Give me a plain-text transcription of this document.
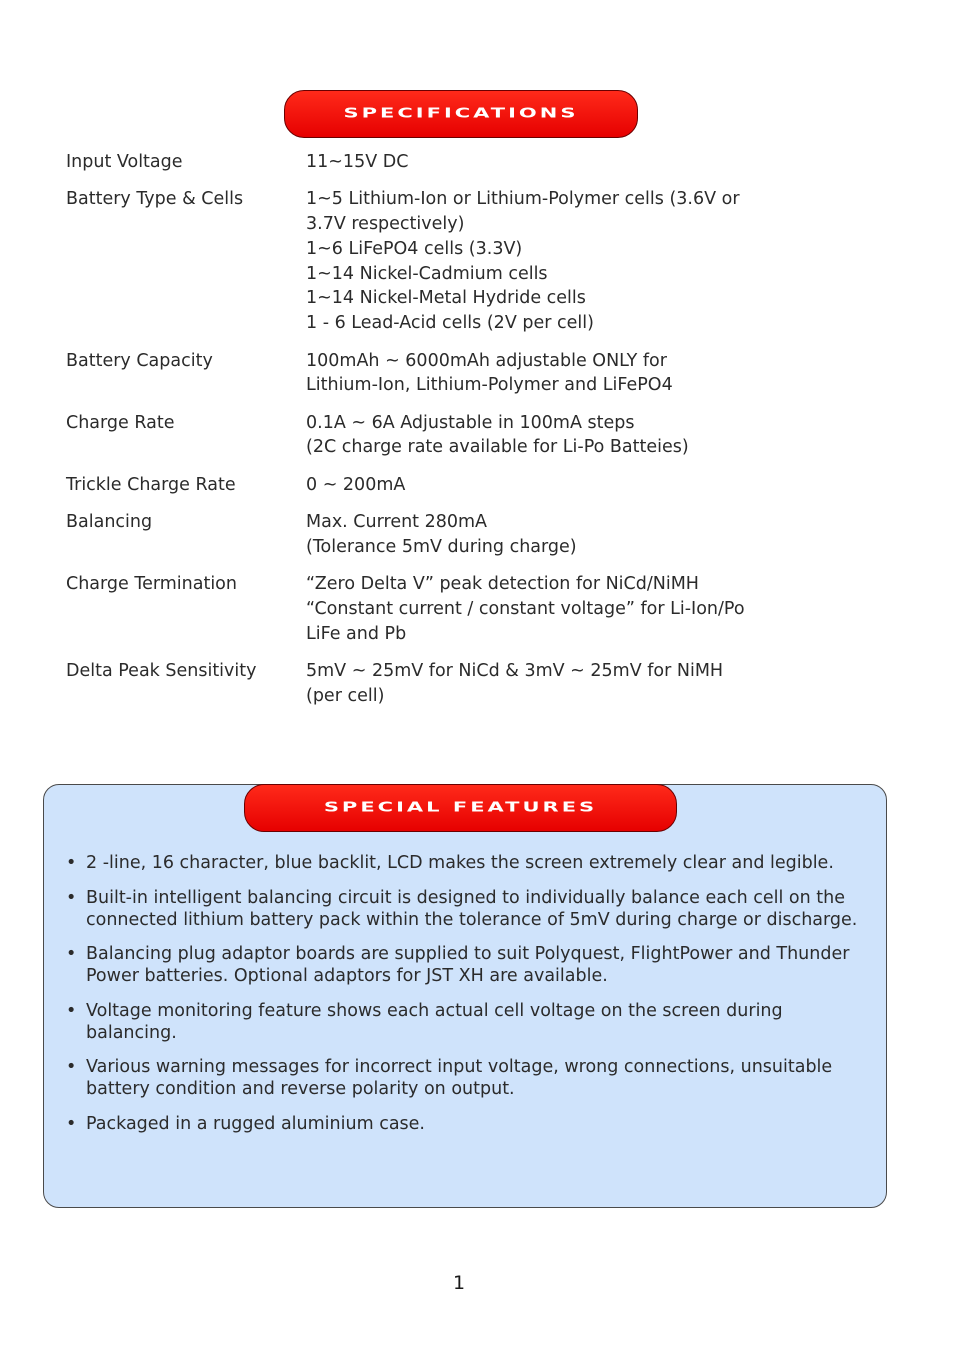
SPECIFICATIONS
Input Voltage	11~15V DC
Battery Type & Cells	1~5 Lithium-Ion or Lithium-Polymer cells (3.6V or
3.7V respectively)
1~6 LiFePO4 cells (3.3V)
1~14 Nickel-Cadmium cells
1~14 Nickel-Metal Hydride cells
1 - 6 Lead-Acid cells (2V per cell)
Battery Capacity	100mAh ~ 6000mAh adjustable ONLY for
Lithium-Ion, Lithium-Polymer and LiFePO4
Charge Rate	0.1A ~ 6A Adjustable in 100mA steps
(2C charge rate available for Li-Po Batteies)
Trickle Charge Rate	0 ~ 200mA
Balancing	Max. Current 280mA
(Tolerance 5mV during charge)
Charge Termination	“Zero Delta V” peak detection for NiCd/NiMH
“Constant current / constant voltage” for Li-Ion/Po
LiFe and Pb
Delta Peak Sensitivity	5mV ~ 25mV for NiCd & 3mV ~ 25mV for NiMH
(per cell)
SPECIAL FEATURES
• 2 -line, 16 character, blue backlit, LCD makes the screen extremely clear and legible.
• Built-in intelligent balancing circuit is designed to individually balance each cell on the connected lithium battery pack within the tolerance of 5mV during charge or discharge.
• Balancing plug adaptor boards are supplied to suit Polyquest, FlightPower and Thunder Power batteries. Optional adaptors for JST XH are available.
• Voltage monitoring feature shows each actual cell voltage on the screen during balancing.
• Various warning messages for incorrect input voltage, wrong connections, unsuitable battery condition and reverse polarity on output.
• Packaged in a rugged aluminium case.
1
